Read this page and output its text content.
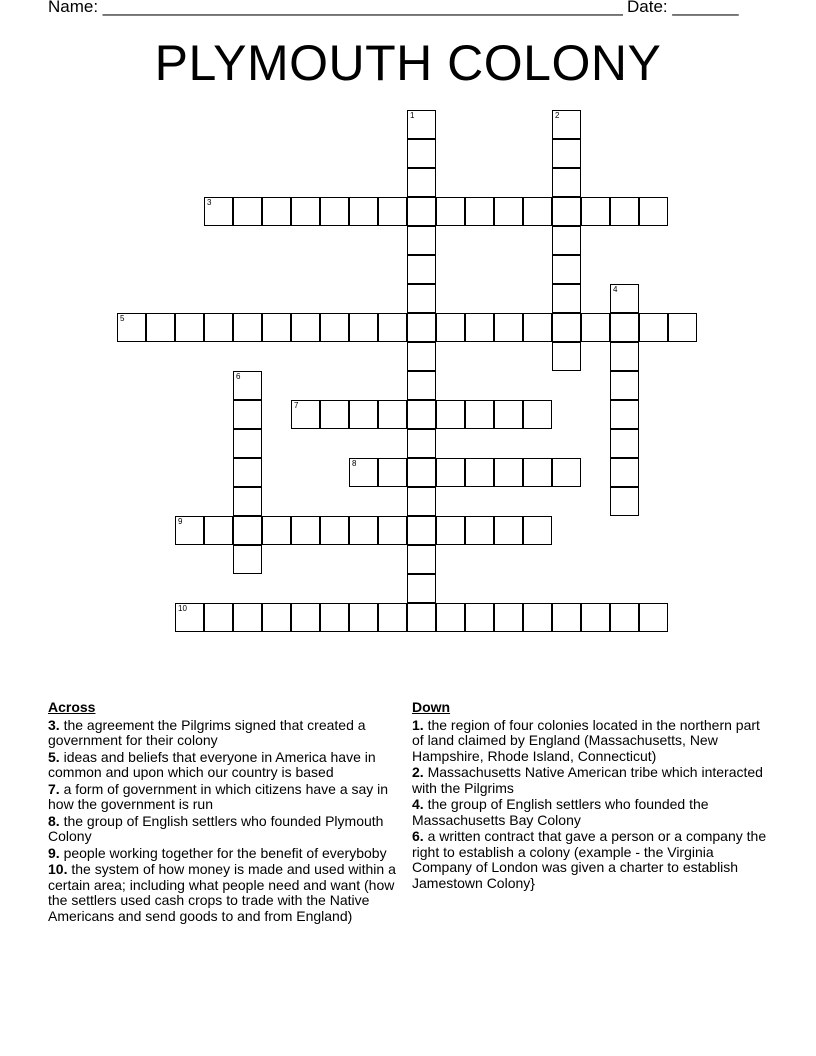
Name: _______________________________________________________ Date: _______
PLYMOUTH COLONY
1	2
3
4
5
6
7
8
9
10
Across
3. the agreement the Pilgrims signed that created a government for their colony
5. ideas and beliefs that everyone in America have in common and upon which our country is based
7. a form of government in which citizens have a say in how the government is run
8. the group of English settlers who founded Plymouth Colony
9. people working together for the benefit of everyboby
10. the system of how money is made and used within a certain area; including what people need and want (how the settlers used cash crops to trade with the Native Americans and send goods to and from England)
Down
1. the region of four colonies located in the northern part of land claimed by England (Massachusetts, New Hampshire, Rhode Island, Connecticut)
2. Massachusetts Native American tribe which interacted with the Pilgrims
4. the group of English settlers who founded the Massachusetts Bay Colony
6. a written contract that gave a person or a company the right to establish a colony (example - the Virginia Company of London was given a charter to establish Jamestown Colony}
